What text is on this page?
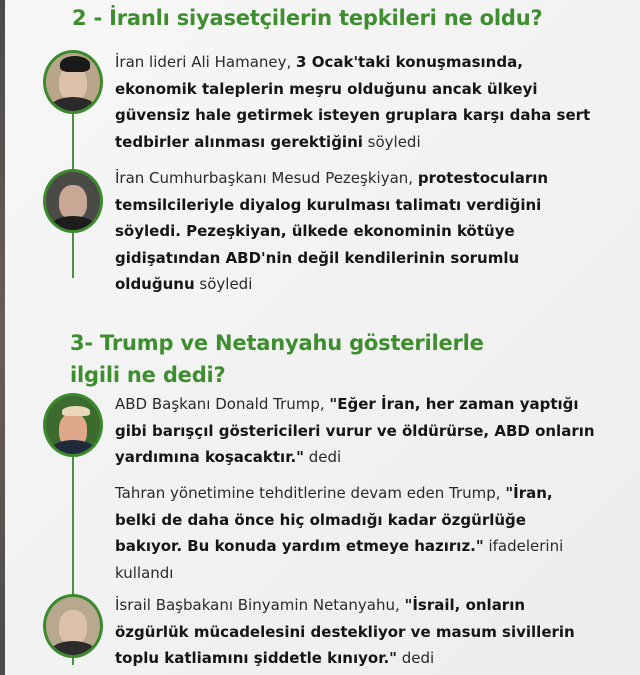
2 - İranlı siyasetçilerin tepkileri ne oldu?
İran lideri Ali Hamaney, 3 Ocak'taki konuşmasında, ekonomik taleplerin meşru olduğunu ancak ülkeyi güvensiz hale getirmek isteyen gruplara karşı daha sert tedbirler alınması gerektiğini söyledi
İran Cumhurbaşkanı Mesud Pezeşkiyan, protestocuların temsilcileriyle diyalog kurulması talimatı verdiğini söyledi. Pezeşkiyan, ülkede ekonominin kötüye gidişatından ABD'nin değil kendilerinin sorumlu olduğunu söyledi
3- Trump ve Netanyahu gösterilerle ilgili ne dedi?
ABD Başkanı Donald Trump, "Eğer İran, her zaman yaptığı gibi barışçıl göstericileri vurur ve öldürürse, ABD onların yardımına koşacaktır." dedi
Tahran yönetimine tehditlerine devam eden Trump, "İran, belki de daha önce hiç olmadığı kadar özgürlüğe bakıyor. Bu konuda yardım etmeye hazırız." ifadelerini kullandı
İsrail Başbakanı Binyamin Netanyahu, "İsrail, onların özgürlük mücadelesini destekliyor ve masum sivillerin toplu katliamını şiddetle kınıyor." dedi
